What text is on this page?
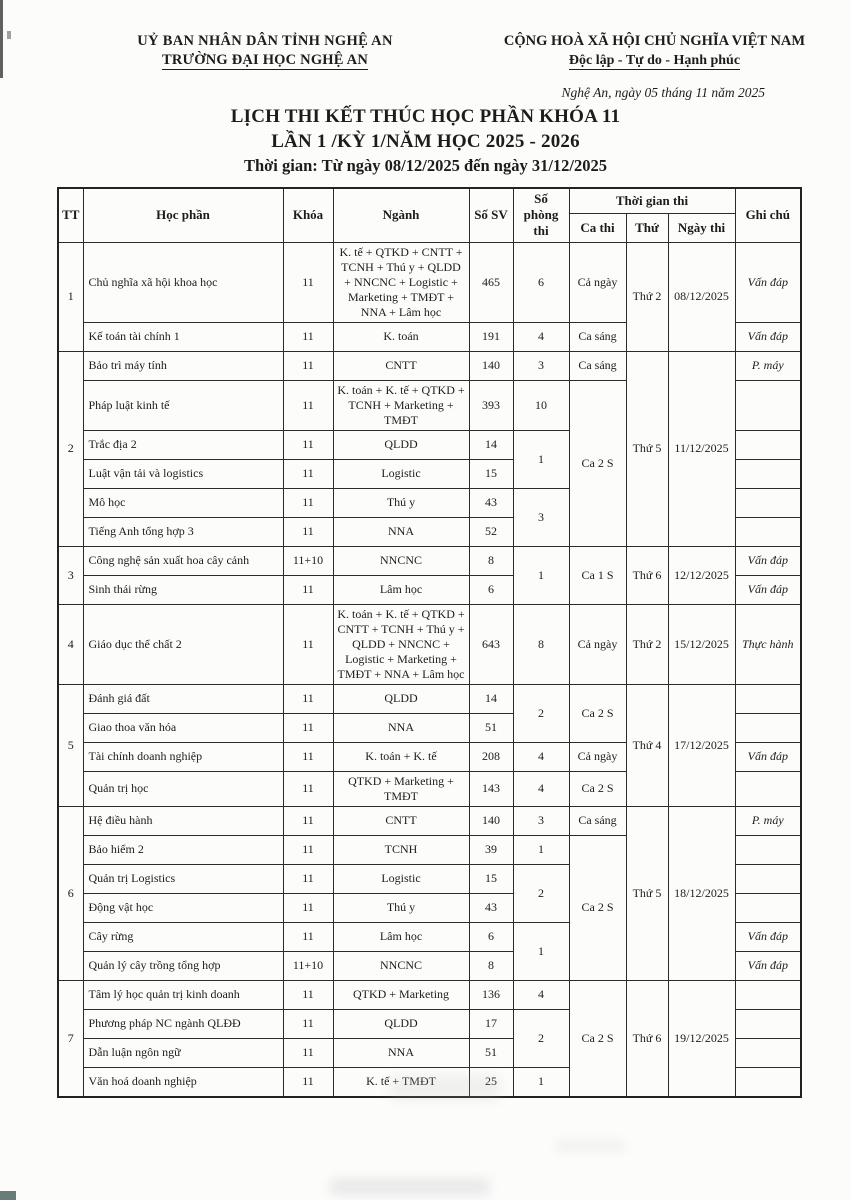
UỶ BAN NHÂN DÂN TỈNH NGHỆ AN
TRƯỜNG ĐẠI HỌC NGHỆ AN
CỘNG HOÀ XÃ HỘI CHỦ NGHĨA VIỆT NAM
Độc lập - Tự do - Hạnh phúc
Nghệ An, ngày 05 tháng 11 năm 2025
LỊCH THI KẾT THÚC HỌC PHẦN KHÓA 11
LẦN 1 /KỲ 1/NĂM HỌC 2025 - 2026
Thời gian: Từ ngày 08/12/2025 đến ngày 31/12/2025
TT	Học phần	Khóa	Ngành	Số SV	Số phòng thi	Thời gian thi			Ghi chú
						Ca thi	Thứ	Ngày thi	
1	Chủ nghĩa xã hội khoa học	11	K. tế + QTKD + CNTT + TCNH + Thú y + QLDD + NNCNC + Logistic + Marketing + TMĐT + NNA + Lâm học	465	6	Cả ngày	Thứ 2	08/12/2025	Vấn đáp
	Kế toán tài chính 1	11	K. toán	191	4	Ca sáng			Vấn đáp
2	Bảo trì máy tính	11	CNTT	140	3	Ca sáng	Thứ 5	11/12/2025	P. máy
	Pháp luật kinh tế	11	K. toán + K. tế + QTKD + TCNH + Marketing + TMĐT	393	10	Ca 2 S			
	Trắc địa 2	11	QLDD	14	1				
	Luật vận tải và logistics	11	Logistic	15					
	Mô học	11	Thú y	43	3				
	Tiếng Anh tổng hợp 3	11	NNA	52					
3	Công nghệ sản xuất hoa cây cảnh	11+10	NNCNC	8	1	Ca 1 S	Thứ 6	12/12/2025	Vấn đáp
	Sinh thái rừng	11	Lâm học	6					Vấn đáp
4	Giáo dục thể chất 2	11	K. toán + K. tế + QTKD + CNTT + TCNH + Thú y + QLDD + NNCNC + Logistic + Marketing + TMĐT + NNA + Lâm học	643	8	Cả ngày	Thứ 2	15/12/2025	Thực hành
5	Đánh giá đất	11	QLDD	14	2	Ca 2 S	Thứ 4	17/12/2025	
	Giao thoa văn hóa	11	NNA	51					
	Tài chính doanh nghiệp	11	K. toán + K. tế	208	4	Cả ngày			Vấn đáp
	Quản trị học	11	QTKD + Marketing + TMĐT	143	4	Ca 2 S			
6	Hệ điều hành	11	CNTT	140	3	Ca sáng	Thứ 5	18/12/2025	P. máy
	Bảo hiểm 2	11	TCNH	39	1	Ca 2 S			
	Quản trị Logistics	11	Logistic	15	2				
	Động vật học	11	Thú y	43					
	Cây rừng	11	Lâm học	6	1				Vấn đáp
	Quản lý cây trồng tổng hợp	11+10	NNCNC	8					Vấn đáp
7	Tâm lý học quản trị kinh doanh	11	QTKD + Marketing	136	4	Ca 2 S	Thứ 6	19/12/2025	
	Phương pháp NC ngành QLĐĐ	11	QLDD	17	2				
	Dẫn luận ngôn ngữ	11	NNA	51					
	Văn hoá doanh nghiệp	11	K. tế + TMĐT	25	1				
